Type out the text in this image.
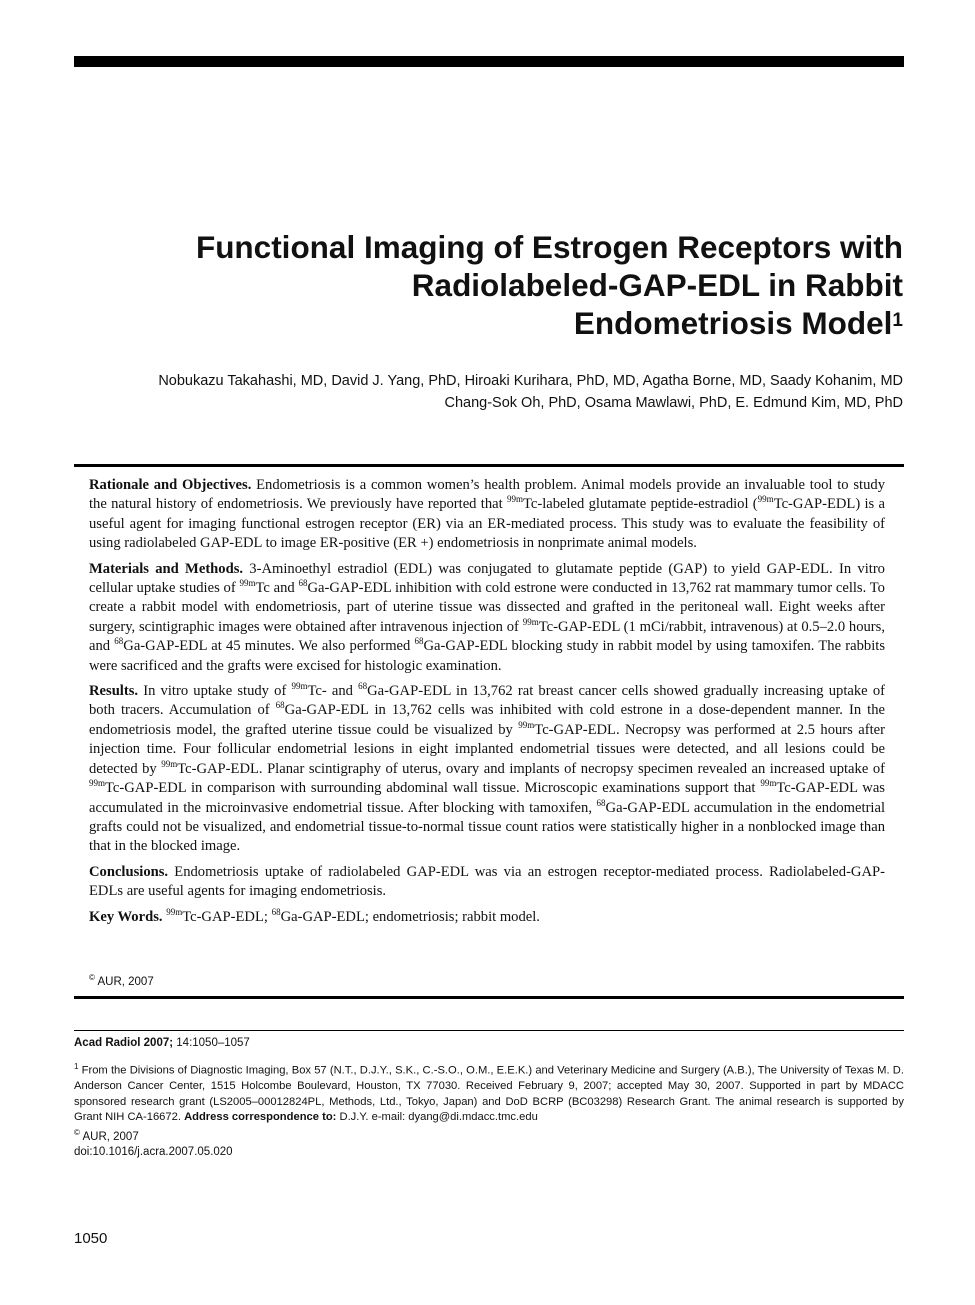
Functional Imaging of Estrogen Receptors with
Radiolabeled-GAP-EDL in Rabbit
Endometriosis Model$^1$
Nobukazu Takahashi, MD, David J. Yang, PhD, Hiroaki Kurihara, PhD, MD, Agatha Borne, MD, Saady Kohanim, MD
Chang-Sok Oh, PhD, Osama Mawlawi, PhD, E. Edmund Kim, MD, PhD

Rationale and Objectives. Endometriosis is a common women’s health problem. Animal models provide an invaluable tool to study the natural history of endometriosis. We previously have reported that $^{99m}$Tc-labeled glutamate peptide-estradiol ($^{99m}$Tc-GAP-EDL) is a useful agent for imaging functional estrogen receptor (ER) via an ER-mediated process. This study was to evaluate the feasibility of using radiolabeled GAP-EDL to image ER-positive (ER +) endometriosis in nonprimate animal models.

Materials and Methods. 3-Aminoethyl estradiol (EDL) was conjugated to glutamate peptide (GAP) to yield GAP-EDL. In vitro cellular uptake studies of $^{99m}$Tc and $^{68}$Ga-GAP-EDL inhibition with cold estrone were conducted in 13,762 rat mammary tumor cells. To create a rabbit model with endometriosis, part of uterine tissue was dissected and grafted in the peritoneal wall. Eight weeks after surgery, scintigraphic images were obtained after intravenous injection of $^{99m}$Tc-GAP-EDL (1 mCi/rabbit, intravenous) at 0.5–2.0 hours, and $^{68}$Ga-GAP-EDL at 45 minutes. We also performed $^{68}$Ga-GAP-EDL blocking study in rabbit model by using tamoxifen. The rabbits were sacrificed and the grafts were excised for histologic examination.

Results. In vitro uptake study of $^{99m}$Tc- and $^{68}$Ga-GAP-EDL in 13,762 rat breast cancer cells showed gradually increasing uptake of both tracers. Accumulation of $^{68}$Ga-GAP-EDL in 13,762 cells was inhibited with cold estrone in a dose-dependent manner. In the endometriosis model, the grafted uterine tissue could be visualized by $^{99m}$Tc-GAP-EDL. Necropsy was performed at 2.5 hours after injection time. Four follicular endometrial lesions in eight implanted endometrial tissues were detected, and all lesions could be detected by $^{99m}$Tc-GAP-EDL. Planar scintigraphy of uterus, ovary and implants of necropsy specimen revealed an increased uptake of $^{99m}$Tc-GAP-EDL in comparison with surrounding abdominal wall tissue. Microscopic examinations support that $^{99m}$Tc-GAP-EDL was accumulated in the microinvasive endometrial tissue. After blocking with tamoxifen, $^{68}$Ga-GAP-EDL accumulation in the endometrial grafts could not be visualized, and endometrial tissue-to-normal tissue count ratios were statistically higher in a nonblocked image than that in the blocked image.

Conclusions. Endometriosis uptake of radiolabeled GAP-EDL was via an estrogen receptor-mediated process. Radiolabeled-GAP-EDLs are useful agents for imaging endometriosis.

Key Words. $^{99m}$Tc-GAP-EDL; $^{68}$Ga-GAP-EDL; endometriosis; rabbit model.

© AUR, 2007
Acad Radiol 2007; 14:1050–1057
$^1$ From the Divisions of Diagnostic Imaging, Box 57 (N.T., D.J.Y., S.K., C.-S.O., O.M., E.E.K.) and Veterinary Medicine and Surgery (A.B.), The University of Texas M. D. Anderson Cancer Center, 1515 Holcombe Boulevard, Houston, TX 77030. Received February 9, 2007; accepted May 30, 2007. Supported in part by MDACC sponsored research grant (LS2005–00012824PL, Methods, Ltd., Tokyo, Japan) and DoD BCRP (BC03298) Research Grant. The animal research is supported by Grant NIH CA-16672. Address correspondence to: D.J.Y. e-mail: dyang@di.mdacc.tmc.edu
© AUR, 2007
doi:10.1016/j.acra.2007.05.020
1050
